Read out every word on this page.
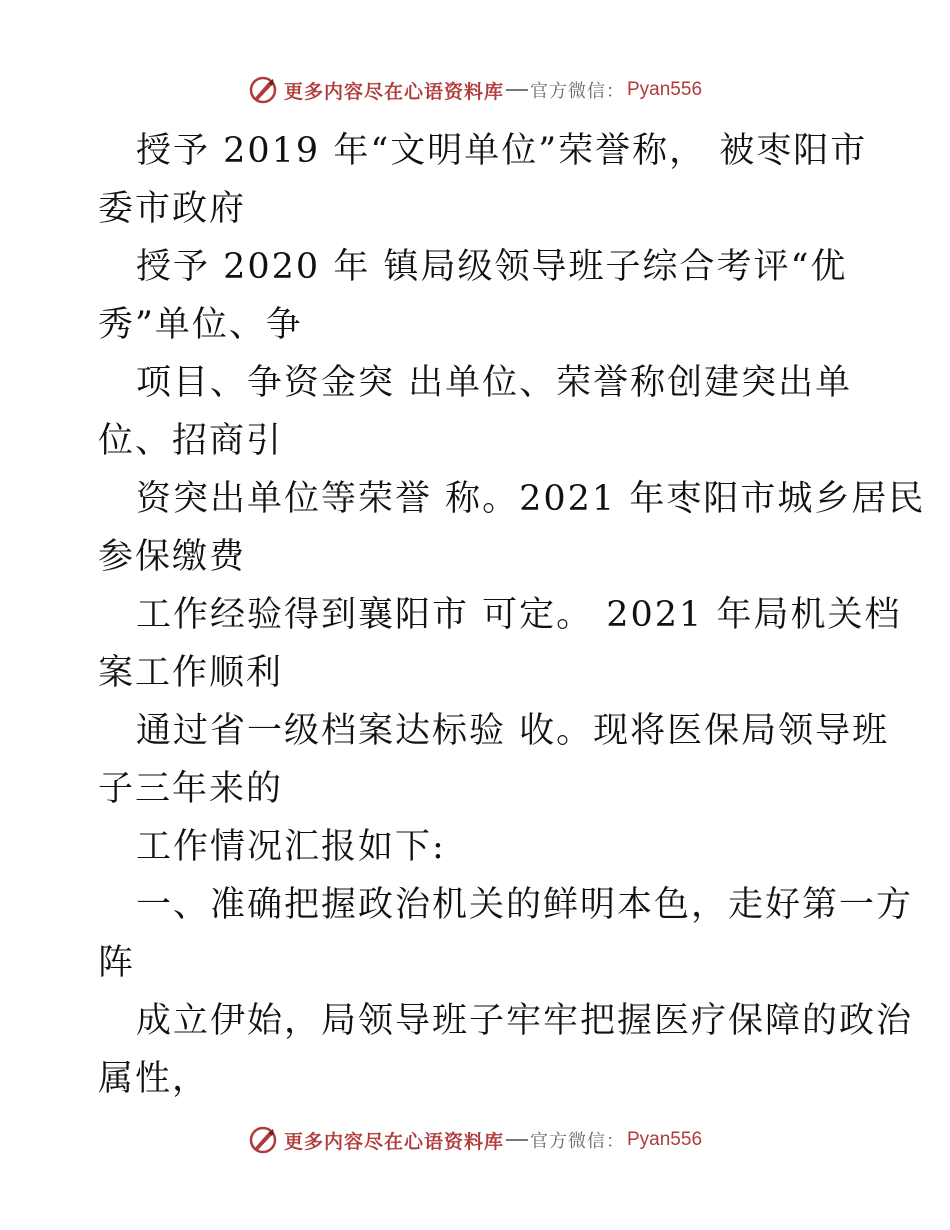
更多内容尽在心语资料库 官方微信： Pyan556
授予 2019 年“文明单位”荣誉称， 被枣阳市
委市政府
授予 2020 年 镇局级领导班子综合考评“优
秀”单位、争
项目、争资金突 出单位、荣誉称创建突出单
位、招商引
资突出单位等荣誉 称。2021 年枣阳市城乡居民
参保缴费
工作经验得到襄阳市 可定。 2021 年局机关档
案工作顺利
通过省一级档案达标验 收。现将医保局领导班
子三年来的
工作情况汇报如下:
一、准确把握政治机关的鲜明本色，走好第一方
阵
成立伊始，局领导班子牢牢把握医疗保障的政治
属性，
更多内容尽在心语资料库 官方微信： Pyan556
